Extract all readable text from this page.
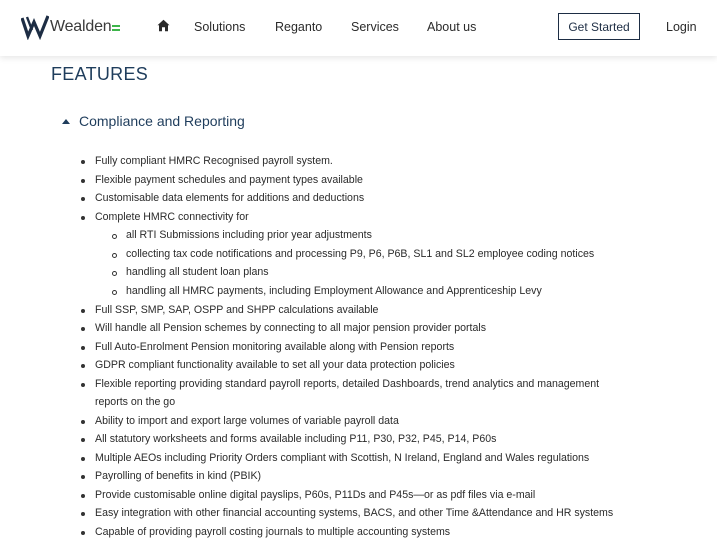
Wealden	Solutions Reganto Services About us	Get Started	Login
FEATURES
Compliance and Reporting
Fully compliant HMRC Recognised payroll system.
Flexible payment schedules and payment types available
Customisable data elements for additions and deductions
Complete HMRC connectivity for
all RTI Submissions including prior year adjustments
collecting tax code notifications and processing P9, P6, P6B, SL1 and SL2 employee coding notices
handling all student loan plans
handling all HMRC payments, including Employment Allowance and Apprenticeship Levy
Full SSP, SMP, SAP, OSPP and SHPP calculations available
Will handle all Pension schemes by connecting to all major pension provider portals
Full Auto-Enrolment Pension monitoring available along with Pension reports
GDPR compliant functionality available to set all your data protection policies
Flexible reporting providing standard payroll reports, detailed Dashboards, trend analytics and management
reports on the go
Ability to import and export large volumes of variable payroll data
All statutory worksheets and forms available including P11, P30, P32, P45, P14, P60s
Multiple AEOs including Priority Orders compliant with Scottish, N Ireland, England and Wales regulations
Payrolling of benefits in kind (PBIK)
Provide customisable online digital payslips, P60s, P11Ds and P45s—or as pdf files via e-mail
Easy integration with other financial accounting systems, BACS, and other Time &Attendance and HR systems
Capable of providing payroll costing journals to multiple accounting systems
